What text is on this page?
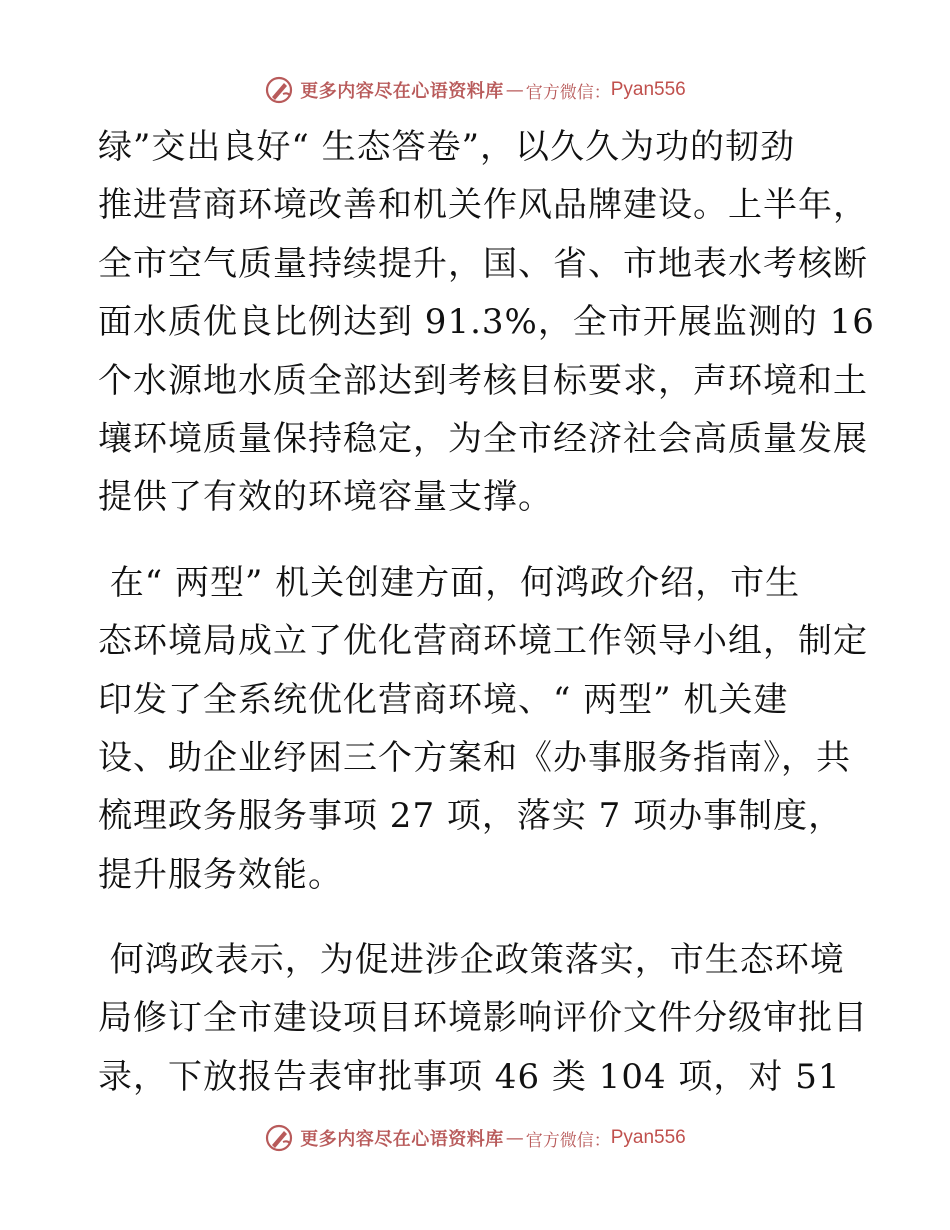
更多内容尽在心语资料库 — 官方微信： Pyan556
绿”交出良好“ 生态答卷”，以久久为功的韧劲
推进营商环境改善和机关作风品牌建设。上半年，
全市空气质量持续提升，国、省、市地表水考核断
面水质优良比例达到 91.3%，全市开展监测的 16
个水源地水质全部达到考核目标要求，声环境和土
壤环境质量保持稳定，为全市经济社会高质量发展
提供了有效的环境容量支撑。
在“ 两型” 机关创建方面，何鸿政介绍，市生
态环境局成立了优化营商环境工作领导小组，制定
印发了全系统优化营商环境、“ 两型” 机关建
设、助企业纾困三个方案和《办事服务指南》，共
梳理政务服务事项 27 项，落实 7 项办事制度，
提升服务效能。
何鸿政表示，为促进涉企政策落实，市生态环境
局修订全市建设项目环境影响评价文件分级审批目
录，下放报告表审批事项 46 类 104 项，对 51
更多内容尽在心语资料库 — 官方微信： Pyan556
